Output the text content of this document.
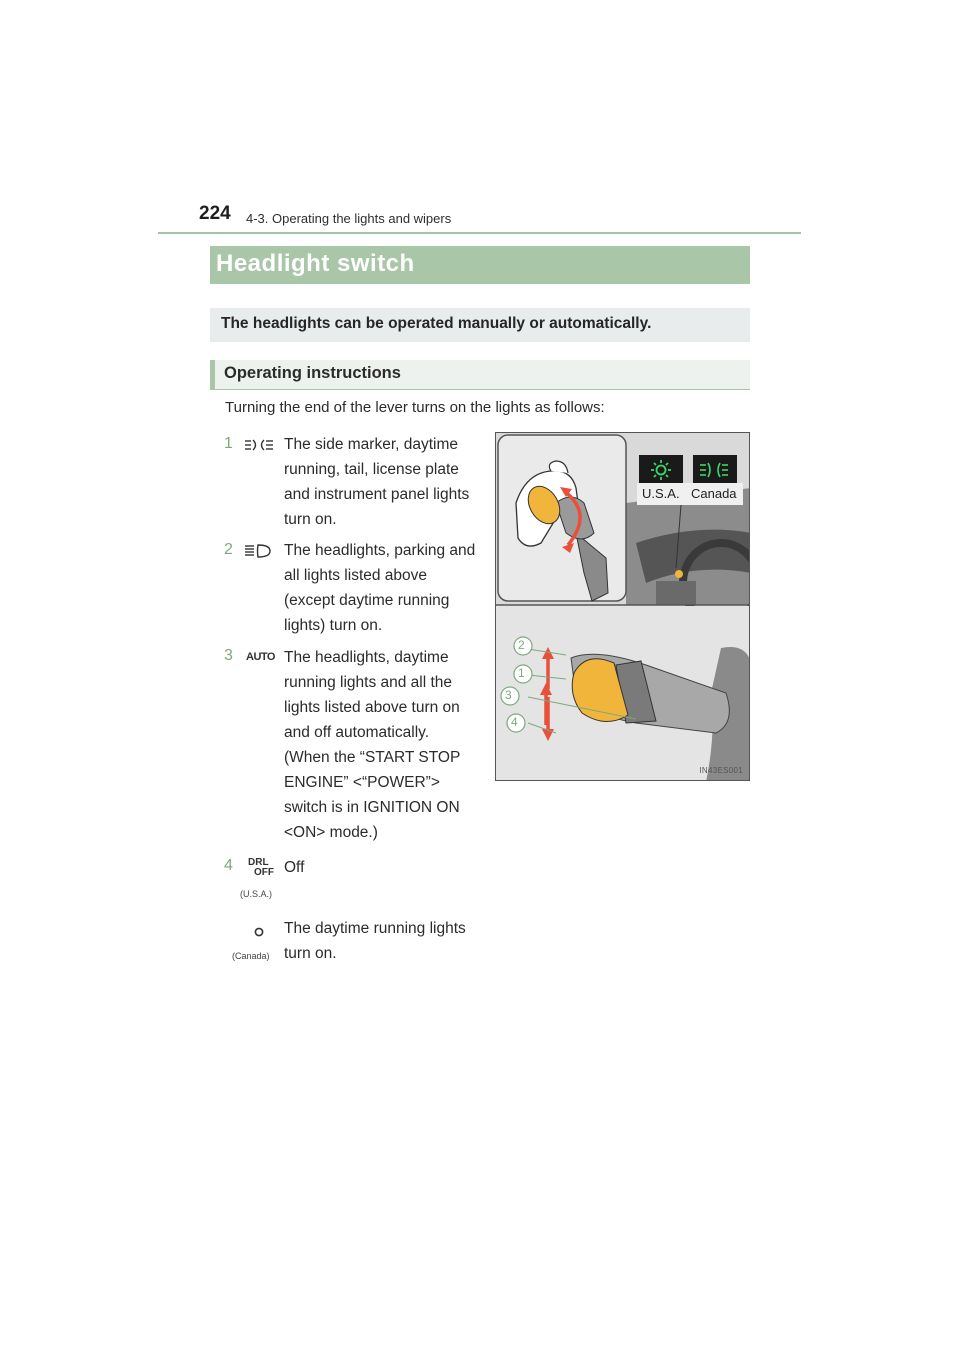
224 4-3. Operating the lights and wipers
Headlight switch
The headlights can be operated manually or automatically.
Operating instructions
Turning the end of the lever turns on the lights as follows:
1	The side marker, daytime
running, tail, license plate
and instrument panel lights
turn on.
2	The headlights, parking and
all lights listed above
(except daytime running
lights) turn on.
3 AUTO The headlights, daytime
running lights and all the
lights listed above turn on
and off automatically.
(When the “START STOP
ENGINE” <“POWER”>
switch is in IGNITION ON
<ON> mode.)
4 DRL
OFF
(U.S.A.)
Off
(Canada)
The daytime running lights
turn on.
U.S.A. Canada
2
1
3
4
IN43ES001
